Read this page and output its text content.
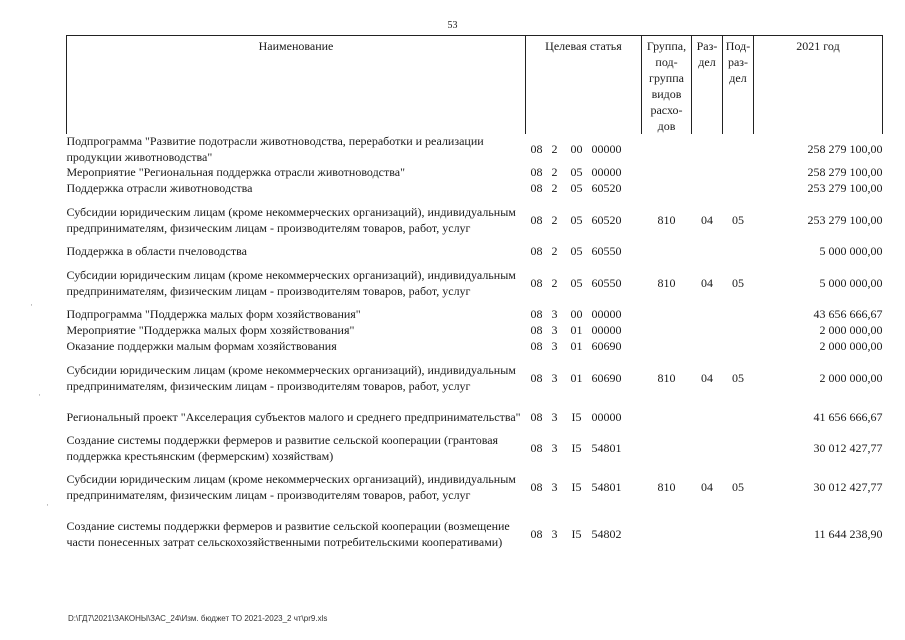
53
Наименование	Целевая статья	Группа, под-группа видов расхо-дов	Раз-дел	Под-раз-дел	2021 год
Подпрограмма "Развитие подотрасли животноводства, переработки и реализации продукции животноводства"	08 2 00 00000				258 279 100,00
Мероприятие "Региональная поддержка отрасли животноводства"	08 2 05 00000				258 279 100,00
Поддержка отрасли животноводства	08 2 05 60520				253 279 100,00
Субсидии юридическим лицам (кроме некоммерческих организаций), индивидуальным предпринимателям, физическим лицам - производителям товаров, работ, услуг	08 2 05 60520	810	04	05	253 279 100,00
Поддержка в области пчеловодства	08 2 05 60550				5 000 000,00
Субсидии юридическим лицам (кроме некоммерческих организаций), индивидуальным предпринимателям, физическим лицам - производителям товаров, работ, услуг	08 2 05 60550	810	04	05	5 000 000,00
Подпрограмма "Поддержка малых форм хозяйствования"	08 3 00 00000				43 656 666,67
Мероприятие "Поддержка малых форм хозяйствования"	08 3 01 00000				2 000 000,00
Оказание поддержки малым формам хозяйствования	08 3 01 60690				2 000 000,00
Субсидии юридическим лицам (кроме некоммерческих организаций), индивидуальным предпринимателям, физическим лицам - производителям товаров, работ, услуг	08 3 01 60690	810	04	05	2 000 000,00
Региональный проект "Акселерация субъектов малого и среднего предпринимательства"	08 3 I5 00000				41 656 666,67
Создание системы поддержки фермеров и развитие сельской кооперации (грантовая поддержка крестьянским (фермерским) хозяйствам)	08 3 I5 54801				30 012 427,77
Субсидии юридическим лицам (кроме некоммерческих организаций), индивидуальным предпринимателям, физическим лицам - производителям товаров, работ, услуг	08 3 I5 54801	810	04	05	30 012 427,77
Создание системы поддержки фермеров и развитие сельской кооперации (возмещение части понесенных затрат сельскохозяйственными потребительскими кооперативами)	08 3 I5 54802				11 644 238,90
·
·
·
D:\ГД7\2021\ЗАКОНЫ\ЗАС_24\Изм. бюджет ТО 2021-2023_2 чт\pr9.xls
